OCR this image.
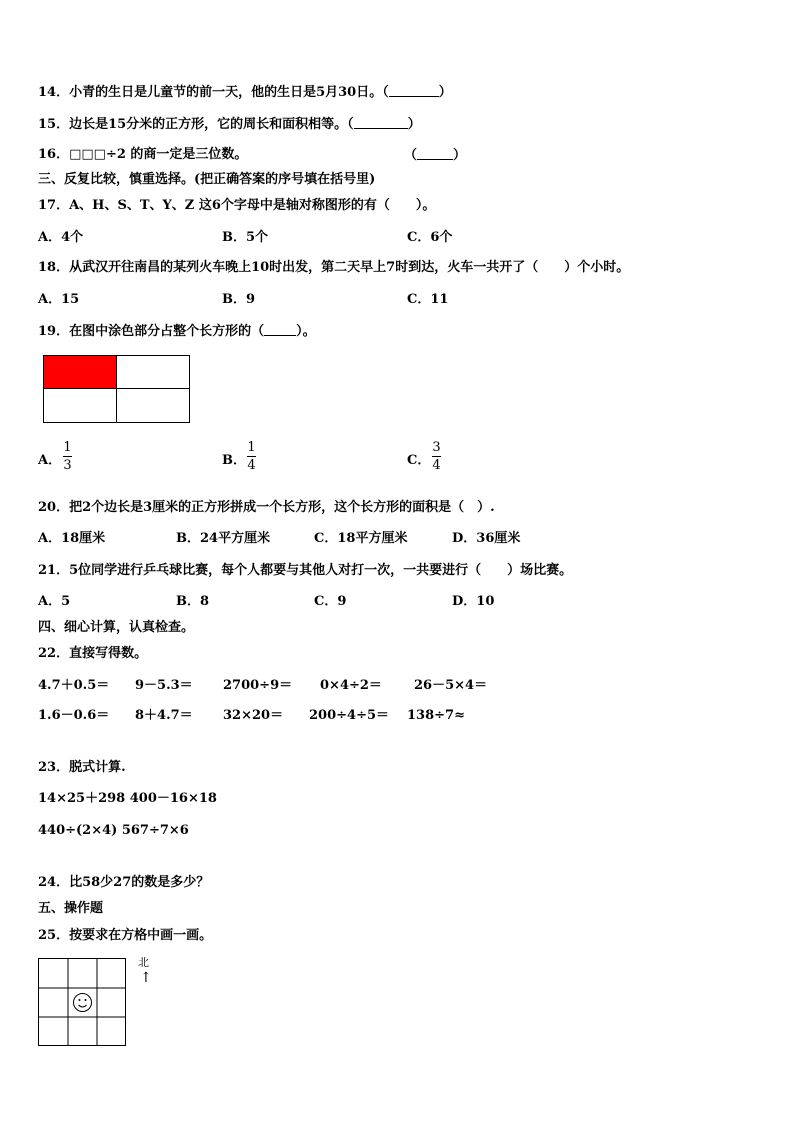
14．小青的生日是儿童节的前一天，他的生日是5月30日。（	）
15．边长是15分米的正方形，它的周长和面积相等。（	）
16．□□□÷2 的商一定是三位数。	（	）
三、反复比较，慎重选择。(把正确答案的序号填在括号里)
17．A、H、S、T、Y、Z 这6个字母中是轴对称图形的有（　　）。
A．4个	B．5个	C．6个
18．从武汉开往南昌的某列火车晚上10时出发，第二天早上7时到达，火车一共开了（　　）个小时。
A．15	B．9	C．11
19．在图中涂色部分占整个长方形的（ ）。
A．
1
3	B．
1
4	C．
3
4
20．把2个边长是3厘米的正方形拼成一个长方形，这个长方形的面积是（　）.
A．18厘米	B．24平方厘米	C．18平方厘米	D．36厘米
21．5位同学进行乒乓球比赛，每个人都要与其他人对打一次，一共要进行（　　）场比赛。
A．5	B．8	C．9	D．10
四、细心计算，认真检查。
22．直接写得数。
4.7＋0.5＝ 9－5.3＝ 2700÷9＝ 0×4÷2＝ 26－5×4＝
1.6－0.6＝ 8＋4.7＝ 32×20＝ 200÷4÷5＝ 138÷7≈
23．脱式计算.
14×25＋298 400－16×18
440÷(2×4) 567÷7×6
24．比58少27的数是多少？
五、操作题
25．按要求在方格中画一画。
北
↑
